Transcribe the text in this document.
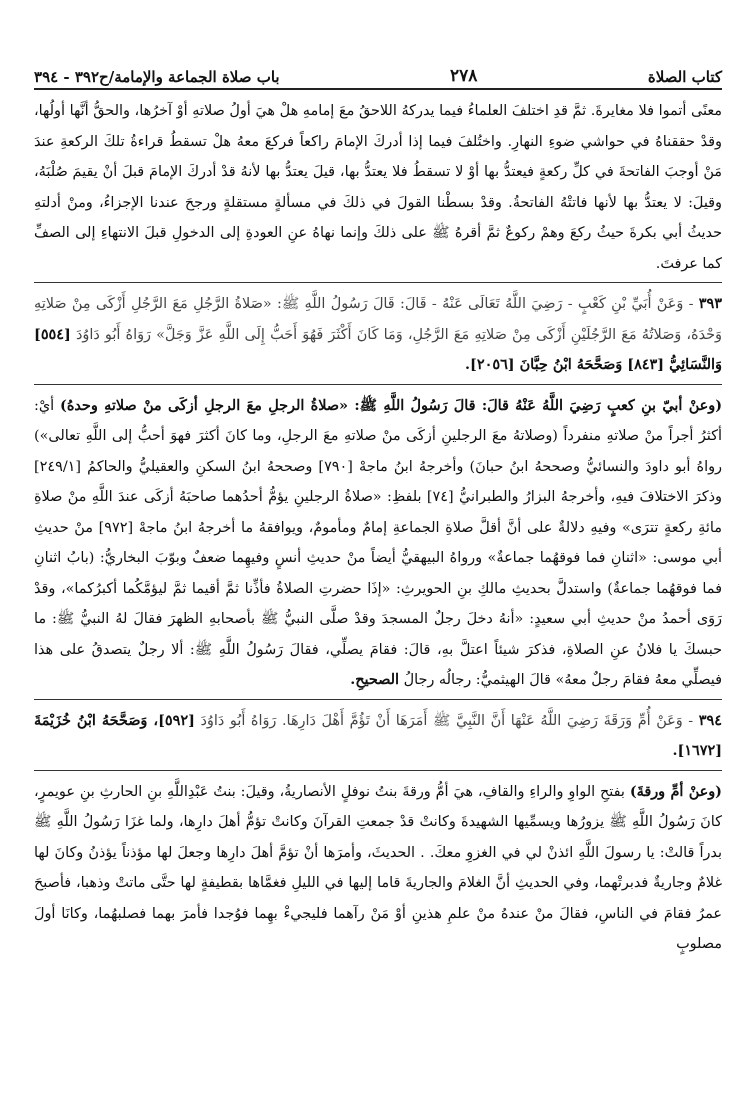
كتاب الصلاة
٢٧٨
باب صلاة الجماعة والإمامة/ح٣٩٢ - ٣٩٤

معنًى أتموا فلا مغايرةَ. ثمَّ قدِ اختلفَ العلماءُ فيما يدركهُ اللاحقُ معَ إمامهِ هلْ هيَ أولُ صلاتهِ أوْ آخرُها، والحقُّ أنَّها أولُها، وقدْ حققناهُ في حواشي ضوءِ النهارِ. واختُلفَ فيما إذا أدركَ الإمامَ راكعاً فركعَ معهُ هلْ تسقطُ قراءةُ تلكَ الركعةِ عندَ مَنْ أوجبَ الفاتحةَ في كلِّ ركعةٍ فيعتدُّ بها أوْ لا تسقطُ فلا يعتدُّ بها، قيلَ يعتدُّ بها لأنهُ قدْ أدركَ الإمامَ قبلَ أنْ يقيمَ صُلْبَهُ، وقيلَ: لا يعتدُّ بها لأنها فاتتْهُ الفاتحةُ. وقدْ بسطْنا القولَ في ذلكَ في مسألةٍ مستقلةٍ ورجحَ عندنا الإجزاءُ، ومنْ أدلتهِ حديثُ أبي بكرةَ حيثُ ركعَ وهمْ ركوعٌ ثمَّ أقرهُ ﷺ على ذلكَ وإنما نهاهُ عنِ العودةِ إلى الدخولِ قبلَ الانتهاءِ إلى الصفِّ كما عرفتَ.

٣٩٣ - وَعَنْ أُبَيِّ بْنِ كَعْبٍ - رَضِيَ اللَّهُ تَعَالَى عَنْهُ - قَالَ: قَالَ رَسُولُ اللَّهِ ﷺ: «صَلاةُ الرَّجُلِ مَعَ الرَّجُلِ أَزْكَى مِنْ صَلاتِهِ وَحْدَهُ، وَصَلاتُهُ مَعَ الرَّجُلَيْنِ أَزْكَى مِنْ صَلاتِهِ مَعَ الرَّجُلِ، وَمَا كَانَ أَكْثَرَ فَهُوَ أَحَبُّ إِلَى اللَّهِ عَزَّ وَجَلَّ» رَوَاهُ أَبُو دَاوُدَ [٥٥٤] وَالنَّسَائِيُّ [٨٤٣] وَصَحَّحَهُ ابْنُ حِبَّانَ [٢٠٥٦].

(وعنْ أبيّ بنِ كعبٍ رَضِيَ اللَّهُ عَنْهُ قالَ: قالَ رَسُولُ اللَّهِ ﷺ: «صلاةُ الرجلِ معَ الرجلِ أزكَى منْ صلاتهِ وحدهُ) أيْ: أكثرُ أجراً منْ صلاتهِ منفرداً (وصلاتهُ معَ الرجلينِ أزكَى منْ صلاتهِ معَ الرجلِ، وما كانَ أكثرَ فهوَ أحبُّ إلى اللَّهِ تعالى») رواهُ أبو داودَ والنسائيُّ وصححهُ ابنُ حبانَ) وأخرجهُ ابنُ ماجهْ [٧٩٠] وصححهُ ابنُ السكنِ والعقيليُّ والحاكمُ [٢٤٩/١] وذكرَ الاختلافَ فيهِ، وأخرجهُ البزارُ والطبرانيُّ [٧٤] بلفظِ: «صلاةُ الرجلينِ يؤمُّ أحدُهما صاحبَهُ أزكَى عندَ اللَّهِ منْ صلاةِ مائةِ ركعةٍ تترَى» وفيهِ دلالةٌ على أنَّ أقلَّ صلاةِ الجماعةِ إمامٌ ومأمومٌ، ويوافقهُ ما أخرجهُ ابنُ ماجهْ [٩٧٢] منْ حديثِ أبي موسى: «اثنانِ فما فوقهُما جماعةٌ» ورواهُ البيهقيُّ أيضاً منْ حديثِ أنسٍ وفيهِما ضعفٌ وبوّبَ البخاريُّ: (بابُ اثنانِ فما فوقهُما جماعةٌ) واستدلَّ بحديثِ مالكِ بنِ الحويرثِ: «إذَا حضرتِ الصلاةُ فأذِّنا ثمَّ أقيما ثمَّ ليؤمَّكُما أكبرُكما»، وقدْ رَوَى أحمدُ منْ حديثِ أبي سعيدٍ: «أنهُ دخلَ رجلٌ المسجدَ وقدْ صلَّى النبيُّ ﷺ بأصحابهِ الظهرَ فقالَ لهُ النبيُّ ﷺ: ما حبسكَ يا فلانُ عنِ الصلاةِ، فذكرَ شيئاً اعتلَّ بهِ، قالَ: فقامَ يصلِّي، فقالَ رَسُولُ اللَّهِ ﷺ: ألا رجلٌ يتصدقُ على هذا فيصلِّي معهُ فقامَ رجلٌ معهُ» قالَ الهيثميُّ: رجالُه رجالُ الصحيحِ.

٣٩٤ - وَعَنْ أُمِّ وَرَقَةَ رَضِيَ اللَّهُ عَنْهَا أَنَّ النَّبِيَّ ﷺ أَمَرَهَا أَنْ تَؤُمَّ أَهْلَ دَارِهَا. رَوَاهُ أَبُو دَاوُدَ [٥٩٢]، وَصَحَّحَهُ ابْنُ خُزَيْمَةَ [١٦٧٢].

(وعنْ أمِّ ورقةَ) بفتحِ الواوِ والراءِ والقافِ، هيَ أمُّ ورقةَ بنتُ نوفلٍ الأنصاريةُ، وقيلَ: بنتُ عَبْدِاللَّهِ بنِ الحارثِ بنِ عويمرٍ، كانَ رَسُولُ اللَّهِ ﷺ يزورُها ويسمِّيها الشهيدةَ وكانتْ قدْ جمعتِ القرآنَ وكانتْ تؤمُّ أهلَ دارِها، ولما غزَا رَسُولُ اللَّهِ ﷺ بدراً قالتْ: يا رسولَ اللَّهِ ائذنْ لي في الغزوِ معكَ. . الحديثَ، وأمرَها أنْ تؤمَّ أهلَ دارِها وجعلَ لها مؤذناً يؤذنُ وكانَ لها غلامٌ وجاريةٌ فدبرتْهما، وفي الحديثِ أنَّ الغلامَ والجاريةَ قاما إليها في الليلِ فغمَّاها بقطيفةٍ لها حتَّى ماتتْ وذهبا، فأصبحَ عمرُ فقامَ في الناسِ، فقالَ منْ عندهُ منْ علمِ هذينِ أوْ مَنْ رآهما فليجيءْ بهِما فوُجدا فأمرَ بهما فصلبهُما، وكانَا أولَ مصلوبٍ
